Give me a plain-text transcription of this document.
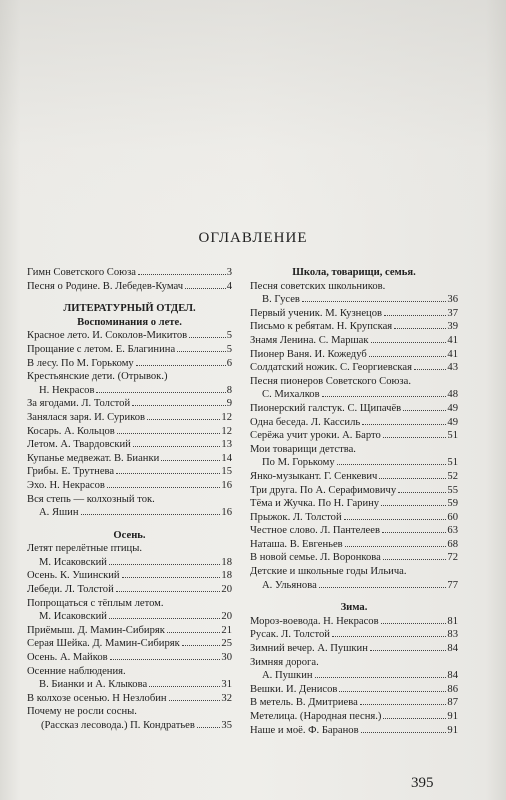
ОГЛАВЛЕНИЕ
Гимн Советского Союза	3
Песня о Родине. В. Лебедев-Кумач	4
ЛИТЕРАТУРНЫЙ ОТДЕЛ.
Воспоминания о лете.
Красное лето. И. Соколов-Микитов	5
Прощание с летом. Е. Благинина	5
В лесу. По М. Горькому	6
Крестьянские дети. (Отрывок.)
Н. Некрасов	8
За ягодами. Л. Толстой	9
Занялася заря. И. Суриков	12
Косарь. А. Кольцов	12
Летом. А. Твардовский	13
Купанье медвежат. В. Бианки	14
Грибы. Е. Трутнева	15
Эхо. Н. Некрасов	16
Вся степь — колхозный ток.
А. Яшин	16
Осень.
Летят перелётные птицы.
М. Исаковский	18
Осень. К. Ушинский	18
Лебеди. Л. Толстой	20
Попрощаться с тёплым летом.
М. Исаковский	20
Приёмыш. Д. Мамин-Сибиряк	21
Серая Шейка. Д. Мамин-Сибиряк	25
Осень. А. Майков	30
Осенние наблюдения.
В. Бианки и А. Клыкова	31
В колхозе осенью. Н Незлобин	32
Почему не росли сосны.
(Рассказ лесовода.) П. Кондратьев	35
Школа, товарищи, семья.
Песня советских школьников.
В. Гусев	36
Первый ученик. М. Кузнецов	37
Письмо к ребятам. Н. Крупская	39
Знамя Ленина. С. Маршак	41
Пионер Ваня. И. Кожедуб	41
Солдатский ножик. С. Георгиевская	43
Песня пионеров Советского Союза.
С. Михалков	48
Пионерский галстук. С. Щипачёв	49
Одна беседа. Л. Кассиль	49
Серёжа учит уроки. А. Барто	51
Мои товарищи детства.
По М. Горькому	51
Янко-музыкант. Г. Сенкевич	52
Три друга. По А. Серафимовичу	55
Тёма и Жучка. По Н. Гарину	59
Прыжок. Л. Толстой	60
Честное слово. Л. Пантелеев	63
Наташа. В. Евгеньев	68
В новой семье. Л. Воронкова	72
Детские и школьные годы Ильича.
А. Ульянова	77
Зима.
Мороз-воевода. Н. Некрасов	81
Русак. Л. Толстой	83
Зимний вечер. А. Пушкин	84
Зимняя дорога.
А. Пушкин	84
Вешки. И. Денисов	86
В метель. В. Дмитриева	87
Метелица. (Народная песня.)	91
Наше и моё. Ф. Баранов	91
395
